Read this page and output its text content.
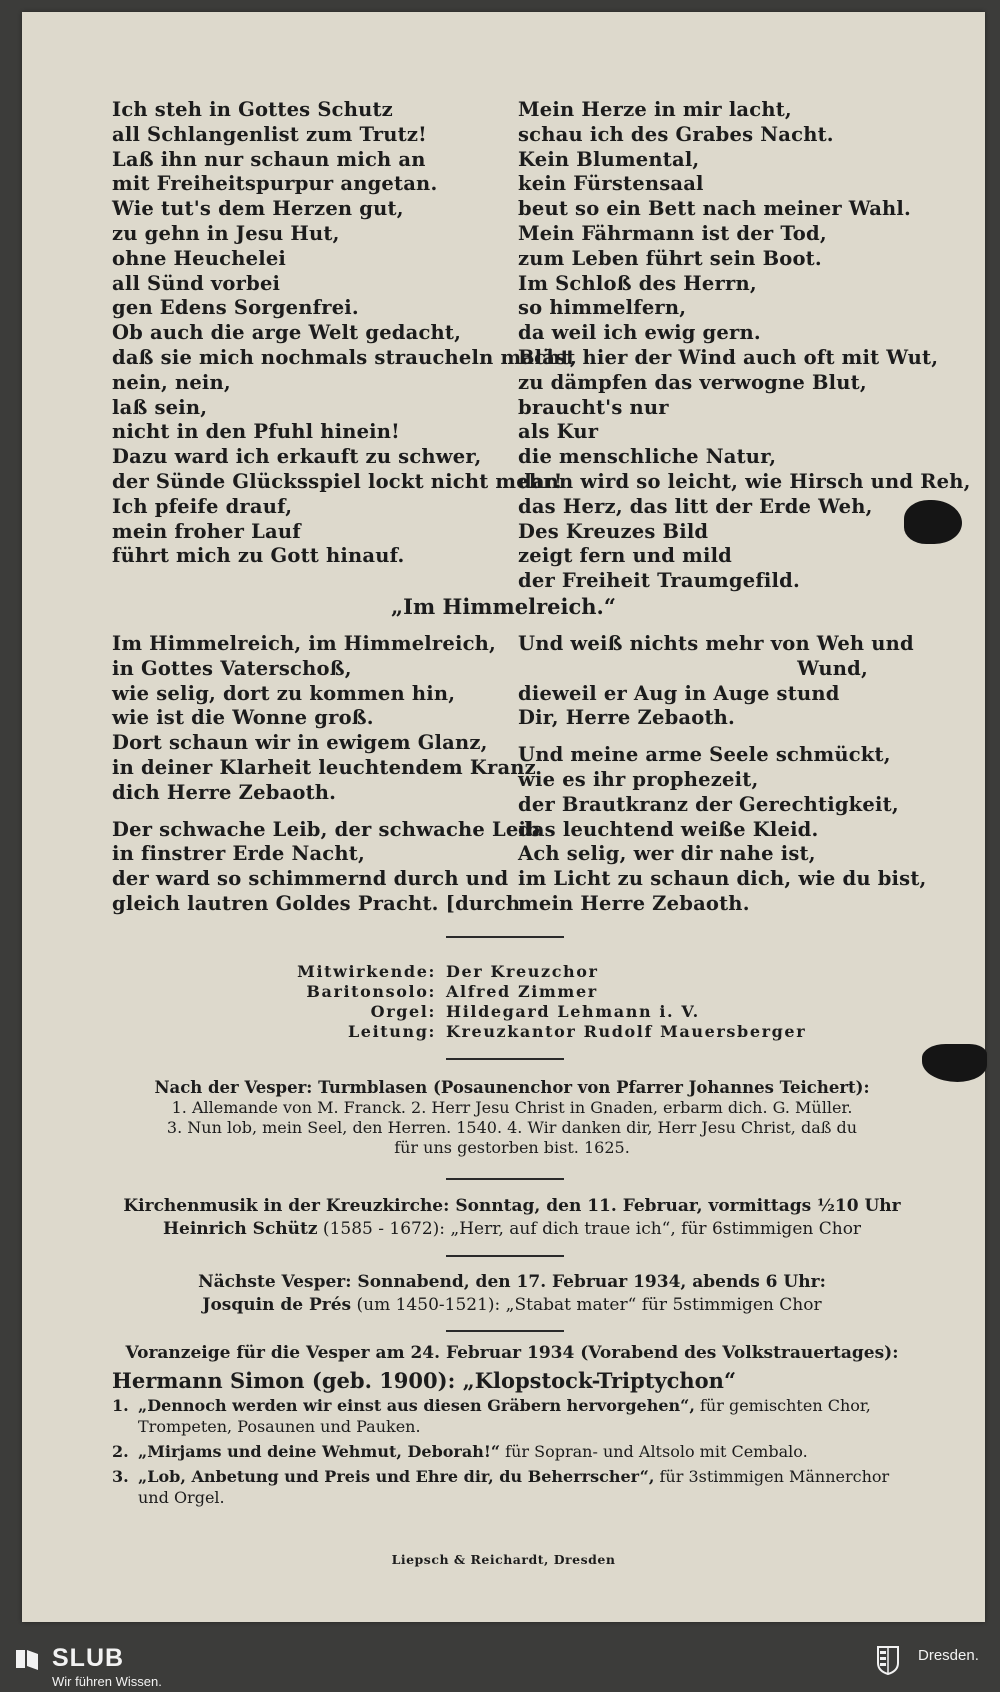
Ich steh in Gottes Schutz
all Schlangenlist zum Trutz!
Laß ihn nur schaun mich an
mit Freiheitspurpur angetan.
Wie tut's dem Herzen gut,
zu gehn in Jesu Hut,
ohne Heuchelei
all Sünd vorbei
gen Edens Sorgenfrei.
Ob auch die arge Welt gedacht,
daß sie mich nochmals straucheln macht,
nein, nein,
laß sein,
nicht in den Pfuhl hinein!
Dazu ward ich erkauft zu schwer,
der Sünde Glücksspiel lockt nicht mehr!
Ich pfeife drauf,
mein froher Lauf
führt mich zu Gott hinauf.
Mein Herze in mir lacht,
schau ich des Grabes Nacht.
Kein Blumental,
kein Fürstensaal
beut so ein Bett nach meiner Wahl.
Mein Fährmann ist der Tod,
zum Leben führt sein Boot.
Im Schloß des Herrn,
so himmelfern,
da weil ich ewig gern.
Bläst hier der Wind auch oft mit Wut,
zu dämpfen das verwogne Blut,
braucht's nur
als Kur
die menschliche Natur,
dann wird so leicht, wie Hirsch und Reh,
das Herz, das litt der Erde Weh,
Des Kreuzes Bild
zeigt fern und mild
der Freiheit Traumgefild.
„Im Himmelreich.“
Im Himmelreich, im Himmelreich,
in Gottes Vaterschoß,
wie selig, dort zu kommen hin,
wie ist die Wonne groß.
Dort schaun wir in ewigem Glanz,
in deiner Klarheit leuchtendem Kranz
dich Herre Zebaoth.
Der schwache Leib, der schwache Leib
in finstrer Erde Nacht,
der ward so schimmernd durch und
gleich lautren Goldes Pracht. [durch
Und weiß nichts mehr von Weh und
Wund,
dieweil er Aug in Auge stund
Dir, Herre Zebaoth.
Und meine arme Seele schmückt,
wie es ihr prophezeit,
der Brautkranz der Gerechtigkeit,
das leuchtend weiße Kleid.
Ach selig, wer dir nahe ist,
im Licht zu schaun dich, wie du bist,
mein Herre Zebaoth.
Mitwirkende: Der Kreuzchor
Baritonsolo: Alfred Zimmer
Orgel: Hildegard Lehmann i. V.
Leitung: Kreuzkantor Rudolf Mauersberger
Nach der Vesper: Turmblasen (Posaunenchor von Pfarrer Johannes Teichert):
1. Allemande von M. Franck. 2. Herr Jesu Christ in Gnaden, erbarm dich. G. Müller.
3. Nun lob, mein Seel, den Herren. 1540. 4. Wir danken dir, Herr Jesu Christ, daß du
für uns gestorben bist. 1625.
Kirchenmusik in der Kreuzkirche: Sonntag, den 11. Februar, vormittags ½10 Uhr
Heinrich Schütz (1585 - 1672): „Herr, auf dich traue ich“, für 6stimmigen Chor
Nächste Vesper: Sonnabend, den 17. Februar 1934, abends 6 Uhr:
Josquin de Prés (um 1450-1521): „Stabat mater“ für 5stimmigen Chor
Voranzeige für die Vesper am 24. Februar 1934 (Vorabend des Volkstrauertages):
Hermann Simon (geb. 1900): „Klopstock-Triptychon“
1. „Dennoch werden wir einst aus diesen Gräbern hervorgehen“, für gemischten Chor, Trompeten, Posaunen und Pauken.
2. „Mirjams und deine Wehmut, Deborah!“ für Sopran- und Altsolo mit Cembalo.
3. „Lob, Anbetung und Preis und Ehre dir, du Beherrscher“, für 3stimmigen Männerchor und Orgel.
Liepsch & Reichardt, Dresden
SLUB
Wir führen Wissen.
Dresden.
